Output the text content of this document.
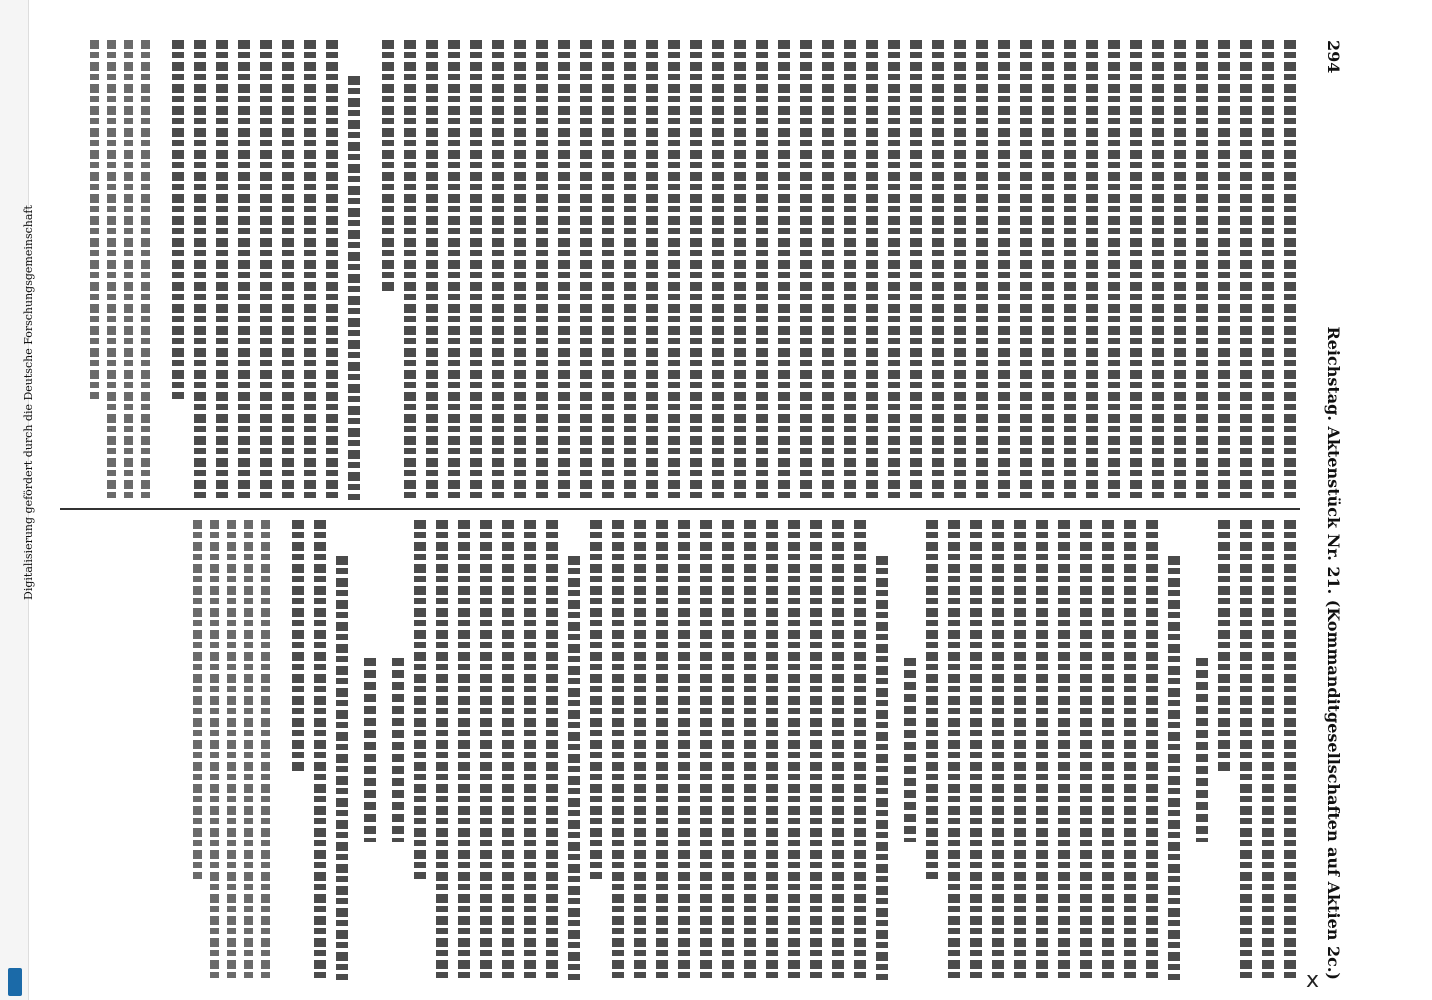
Digitalisierung gefördert durch die Deutsche Forschungsgemeinschaft
294
Reichstag. Aktenstück Nr. 21. (Kommanditgesellschaften auf Aktien 2c.)
x
